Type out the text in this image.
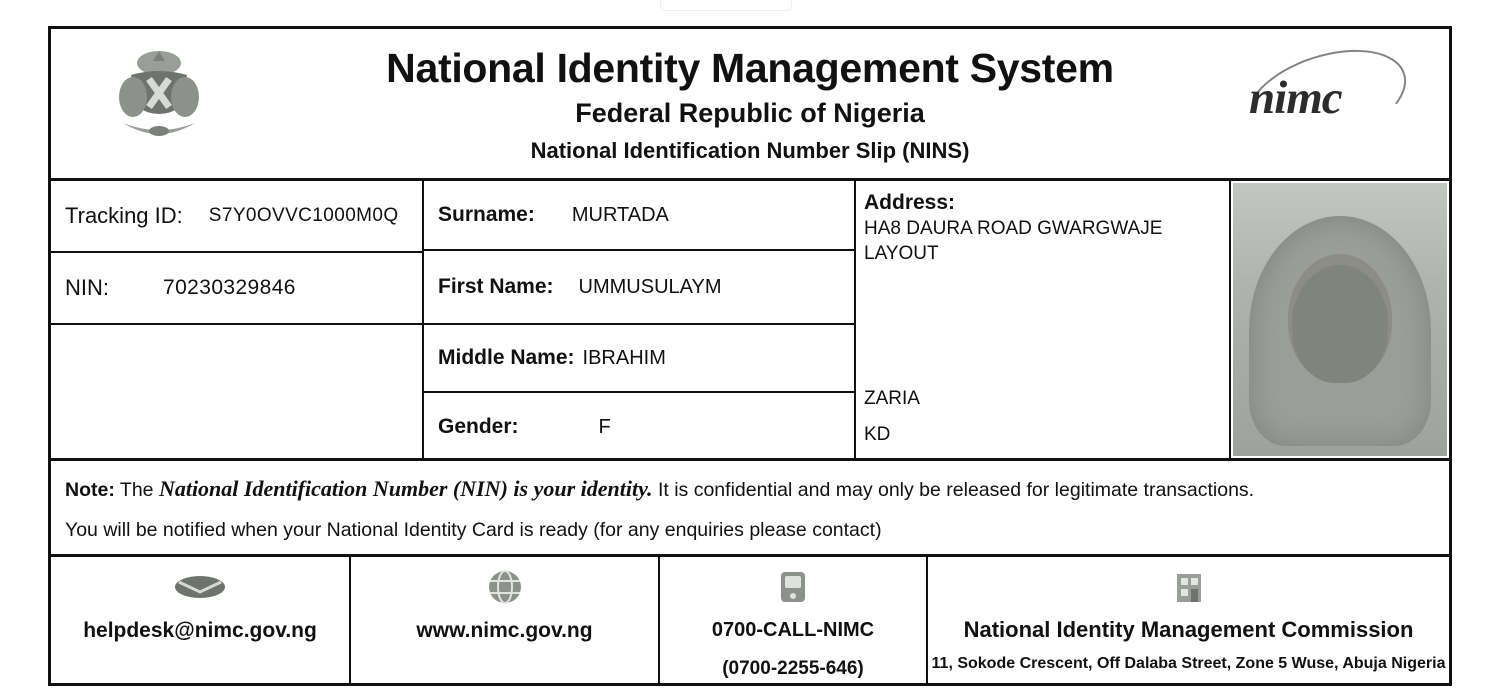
National Identity Management System
Federal Republic of Nigeria
National Identification Number Slip (NINS)
nimc
Tracking ID: S7Y0OVVC1000M0Q
NIN:	70230329846
Surname: MURTADA
First Name: UMMUSULAYM
Middle Name: IBRAHIM
Gender:	F
Address:
HA8 DAURA ROAD GWARGWAJE LAYOUT
ZARIA
KD
Note: The National Identification Number (NIN) is your identity. It is confidential and may only be released for legitimate transactions.
You will be notified when your National Identity Card is ready (for any enquiries please contact)
helpdesk@nimc.gov.ng	www.nimc.gov.ng	0700-CALL-NIMC
(0700-2255-646)
National Identity Management Commission
11, Sokode Crescent, Off Dalaba Street, Zone 5 Wuse, Abuja Nigeria
